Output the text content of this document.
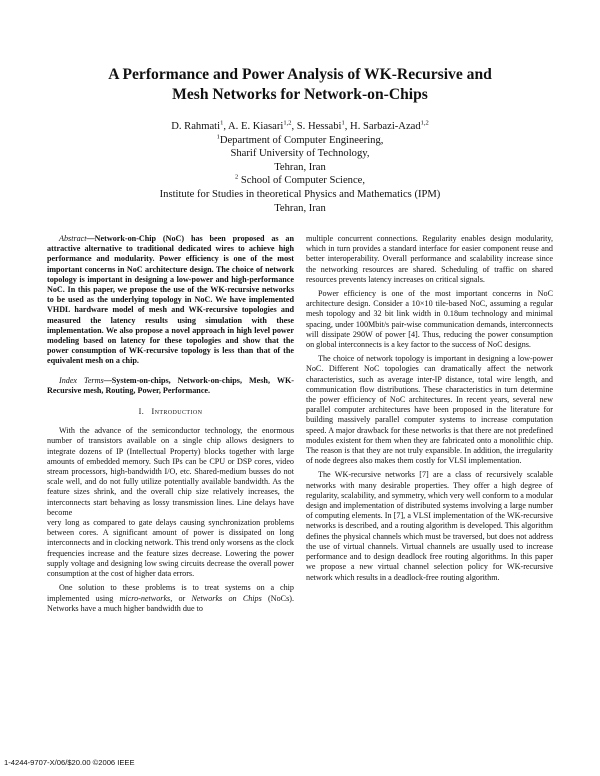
A Performance and Power Analysis of WK-Recursive and
Mesh Networks for Network-on-Chips
D. Rahmati$^1$, A. E. Kiasari$^{1,2}$, S. Hessabi$^1$, H. Sarbazi-Azad$^{1,2}$
$^1$Department of Computer Engineering,
Sharif University of Technology,
Tehran, Iran
$^2$ School of Computer Science,
Institute for Studies in theoretical Physics and Mathematics (IPM)
Tehran, Iran

Abstract—Network-on-Chip (NoC) has been proposed as an attractive alternative to traditional dedicated wires to achieve high performance and modularity. Power efficiency is one of the most important concerns in NoC architecture design. The choice of network topology is important in designing a low-power and high-performance NoC. In this paper, we propose the use of the WK-recursive networks to be used as the underlying topology in NoC. We have implemented VHDL hardware model of mesh and WK-recursive topologies and measured the latency results using simulation with these implementation. We also propose a novel approach in high level power modeling based on latency for these topologies and show that the power consumption of WK-recursive topology is less than that of the equivalent mesh on a chip.

Index Terms—System-on-chips, Network-on-chips, Mesh, WK-Recursive mesh, Routing, Power, Performance.

I. Introduction

With the advance of the semiconductor technology, the enormous number of transistors available on a single chip allows designers to integrate dozens of IP (Intellectual Property) blocks together with large amounts of embedded memory. Such IPs can be CPU or DSP cores, video stream processors, high-bandwidth I/O, etc. Shared-medium busses do not scale well, and do not fully utilize potentially available bandwidth. As the feature sizes shrink, and the overall chip size relatively increases, the interconnects start behaving as lossy transmission lines. Line delays have become

very long as compared to gate delays causing synchronization problems between cores. A significant amount of power is dissipated on long interconnects and in clocking network. This trend only worsens as the clock frequencies increase and the feature sizes decrease. Lowering the power supply voltage and designing low swing circuits decrease the overall power consumption at the cost of higher data errors.

One solution to these problems is to treat systems on a chip implemented using micro-networks, or Networks on Chips (NoCs). Networks have a much higher bandwidth due to

multiple concurrent connections. Regularity enables design modularity, which in turn provides a standard interface for easier component reuse and better interoperability. Overall performance and scalability increase since the networking resources are shared. Scheduling of traffic on shared resources prevents latency increases on critical signals.

Power efficiency is one of the most important concerns in NoC architecture design. Consider a 10×10 tile-based NoC, assuming a regular mesh topology and 32 bit link width in 0.18um technology and minimal spacing, under 100Mbit/s pair-wise communication demands, interconnects will dissipate 290W of power [4]. Thus, reducing the power consumption on global interconnects is a key factor to the success of NoC designs.

The choice of network topology is important in designing a low-power NoC. Different NoC topologies can dramatically affect the network characteristics, such as average inter-IP distance, total wire length, and communication flow distributions. These characteristics in turn determine the power efficiency of NoC architectures. In recent years, several new parallel computer architectures have been proposed in the literature for building massively parallel computer systems to increase computation speed. A major drawback for these networks is that there are not predefined modules existent for them when they are fabricated onto a monolithic chip. The reason is that they are not truly expansible. In addition, the irregularity of node degrees also makes them costly for VLSI implementation.

The WK-recursive networks [7] are a class of recursively scalable networks with many desirable properties. They offer a high degree of regularity, scalability, and symmetry, which very well conform to a modular design and implementation of distributed systems involving a large number of computing elements. In [7], a VLSI implementation of the WK-recursive networks is described, and a routing algorithm is developed. This algorithm defines the physical channels which must be traversed, but does not address the use of virtual channels. Virtual channels are usually used to increase performance and to design deadlock free routing algorithms. In this paper we propose a new virtual channel selection policy for WK-recursive network which results in a deadlock-free routing algorithm.

1-4244-9707-X/06/$20.00 ©2006 IEEE
